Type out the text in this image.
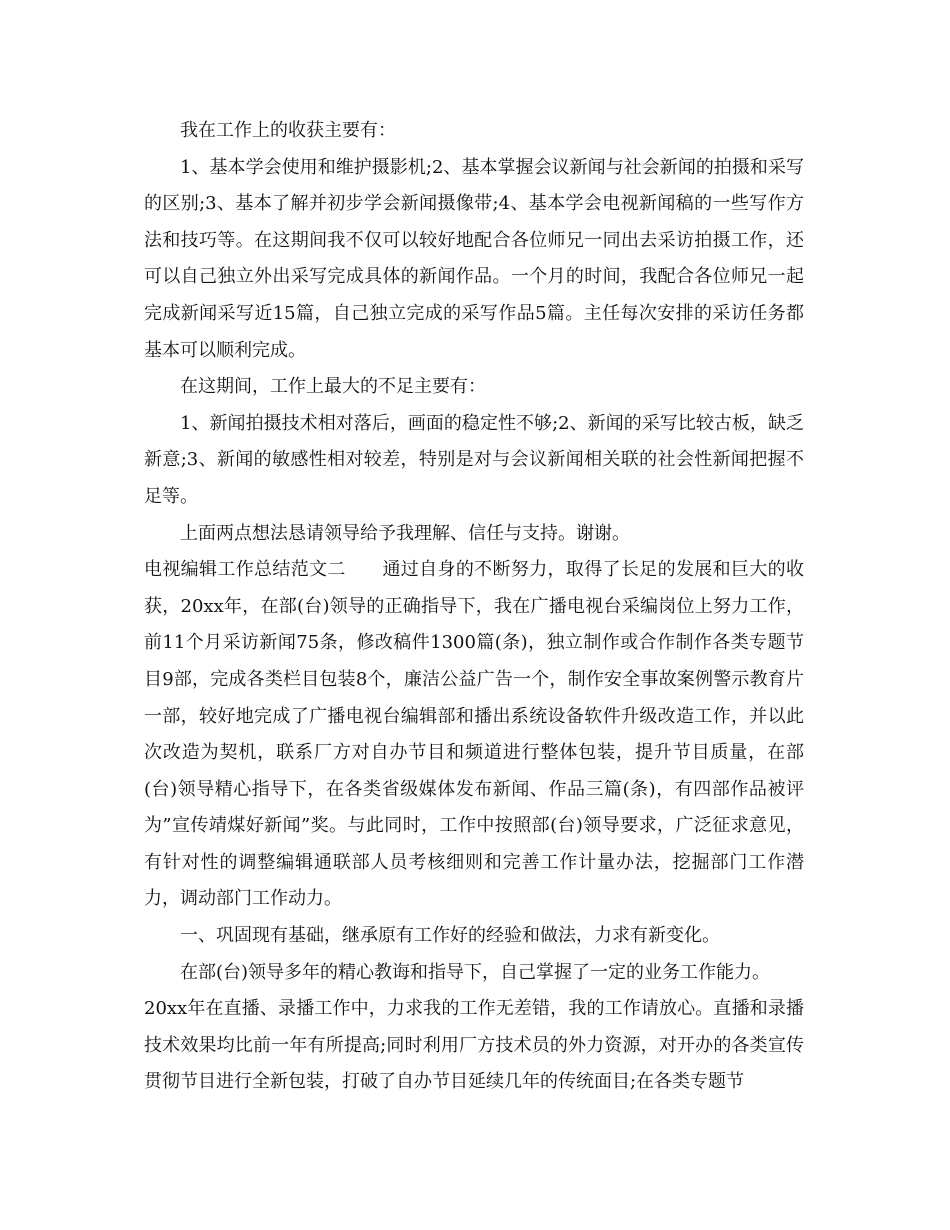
我在工作上的收获主要有：

1、基本学会使用和维护摄影机;2、基本掌握会议新闻与社会新闻的拍摄和采写的区别;3、基本了解并初步学会新闻摄像带;4、基本学会电视新闻稿的一些写作方法和技巧等。在这期间我不仅可以较好地配合各位师兄一同出去采访拍摄工作，还可以自己独立外出采写完成具体的新闻作品。一个月的时间，我配合各位师兄一起完成新闻采写近15篇，自己独立完成的采写作品5篇。主任每次安排的采访任务都基本可以顺利完成。

在这期间，工作上最大的不足主要有：

1、新闻拍摄技术相对落后，画面的稳定性不够;2、新闻的采写比较古板，缺乏新意;3、新闻的敏感性相对较差，特别是对与会议新闻相关联的社会性新闻把握不足等。

上面两点想法恳请领导给予我理解、信任与支持。谢谢。

电视编辑工作总结范文二　　 通过自身的不断努力，取得了长足的发展和巨大的收获，20xx年，在部(台)领导的正确指导下，我在广播电视台采编岗位上努力工作，前11个月采访新闻75条，修改稿件1300篇(条)，独立制作或合作制作各类专题节目9部，完成各类栏目包装8个，廉洁公益广告一个，制作安全事故案例警示教育片一部，较好地完成了广播电视台编辑部和播出系统设备软件升级改造工作，并以此次改造为契机，联系厂方对自办节目和频道进行整体包装，提升节目质量，在部(台)领导精心指导下，在各类省级媒体发布新闻、作品三篇(条)，有四部作品被评为”宣传靖煤好新闻”奖。与此同时，工作中按照部(台)领导要求，广泛征求意见，有针对性的调整编辑通联部人员考核细则和完善工作计量办法，挖掘部门工作潜力，调动部门工作动力。

一、巩固现有基础，继承原有工作好的经验和做法，力求有新变化。

在部(台)领导多年的精心教诲和指导下，自己掌握了一定的业务工作能力。

20xx年在直播、录播工作中，力求我的工作无差错，我的工作请放心。直播和录播技术效果均比前一年有所提高;同时利用厂方技术员的外力资源，对开办的各类宣传贯彻节目进行全新包装，打破了自办节目延续几年的传统面目;在各类专题节
